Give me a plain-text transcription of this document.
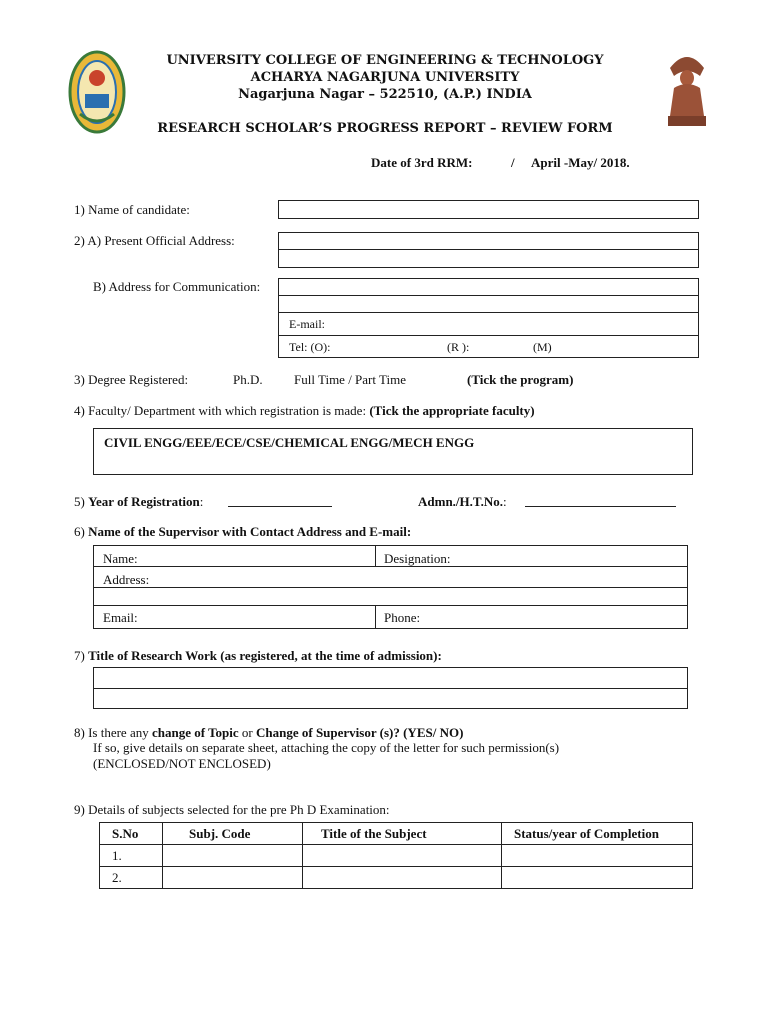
UNIVERSITY COLLEGE OF ENGINEERING & TECHNOLOGY
ACHARYA NAGARJUNA UNIVERSITY
Nagarjuna Nagar – 522510, (A.P.) INDIA
RESEARCH SCHOLAR’S PROGRESS REPORT – REVIEW FORM
Date of 3rd RRM:	/ April -May/ 2018.
1) Name of candidate:
2) A) Present Official Address:
B) Address for Communication:
E-mail:
Tel: (O):	(R ):	(M)
3) Degree Registered:	Ph.D. Full Time / Part Time	(Tick the program)
4) Faculty/ Department with which registration is made: (Tick the appropriate faculty)
CIVIL ENGG/EEE/ECE/CSE/CHEMICAL ENGG/MECH ENGG
5) Year of Registration:	Admn./H.T.No.:
6) Name of the Supervisor with Contact Address and E-mail:
Name:	Designation:
Address:
Email:	Phone:
7) Title of Research Work (as registered, at the time of admission):
8) Is there any change of Topic or Change of Supervisor (s)? (YES/ NO)
If so, give details on separate sheet, attaching the copy of the letter for such permission(s)
(ENCLOSED/NOT ENCLOSED)
9) Details of subjects selected for the pre Ph D Examination:
S.No	Subj. Code	Title of the Subject	Status/year of Completion
1.			
2.			
